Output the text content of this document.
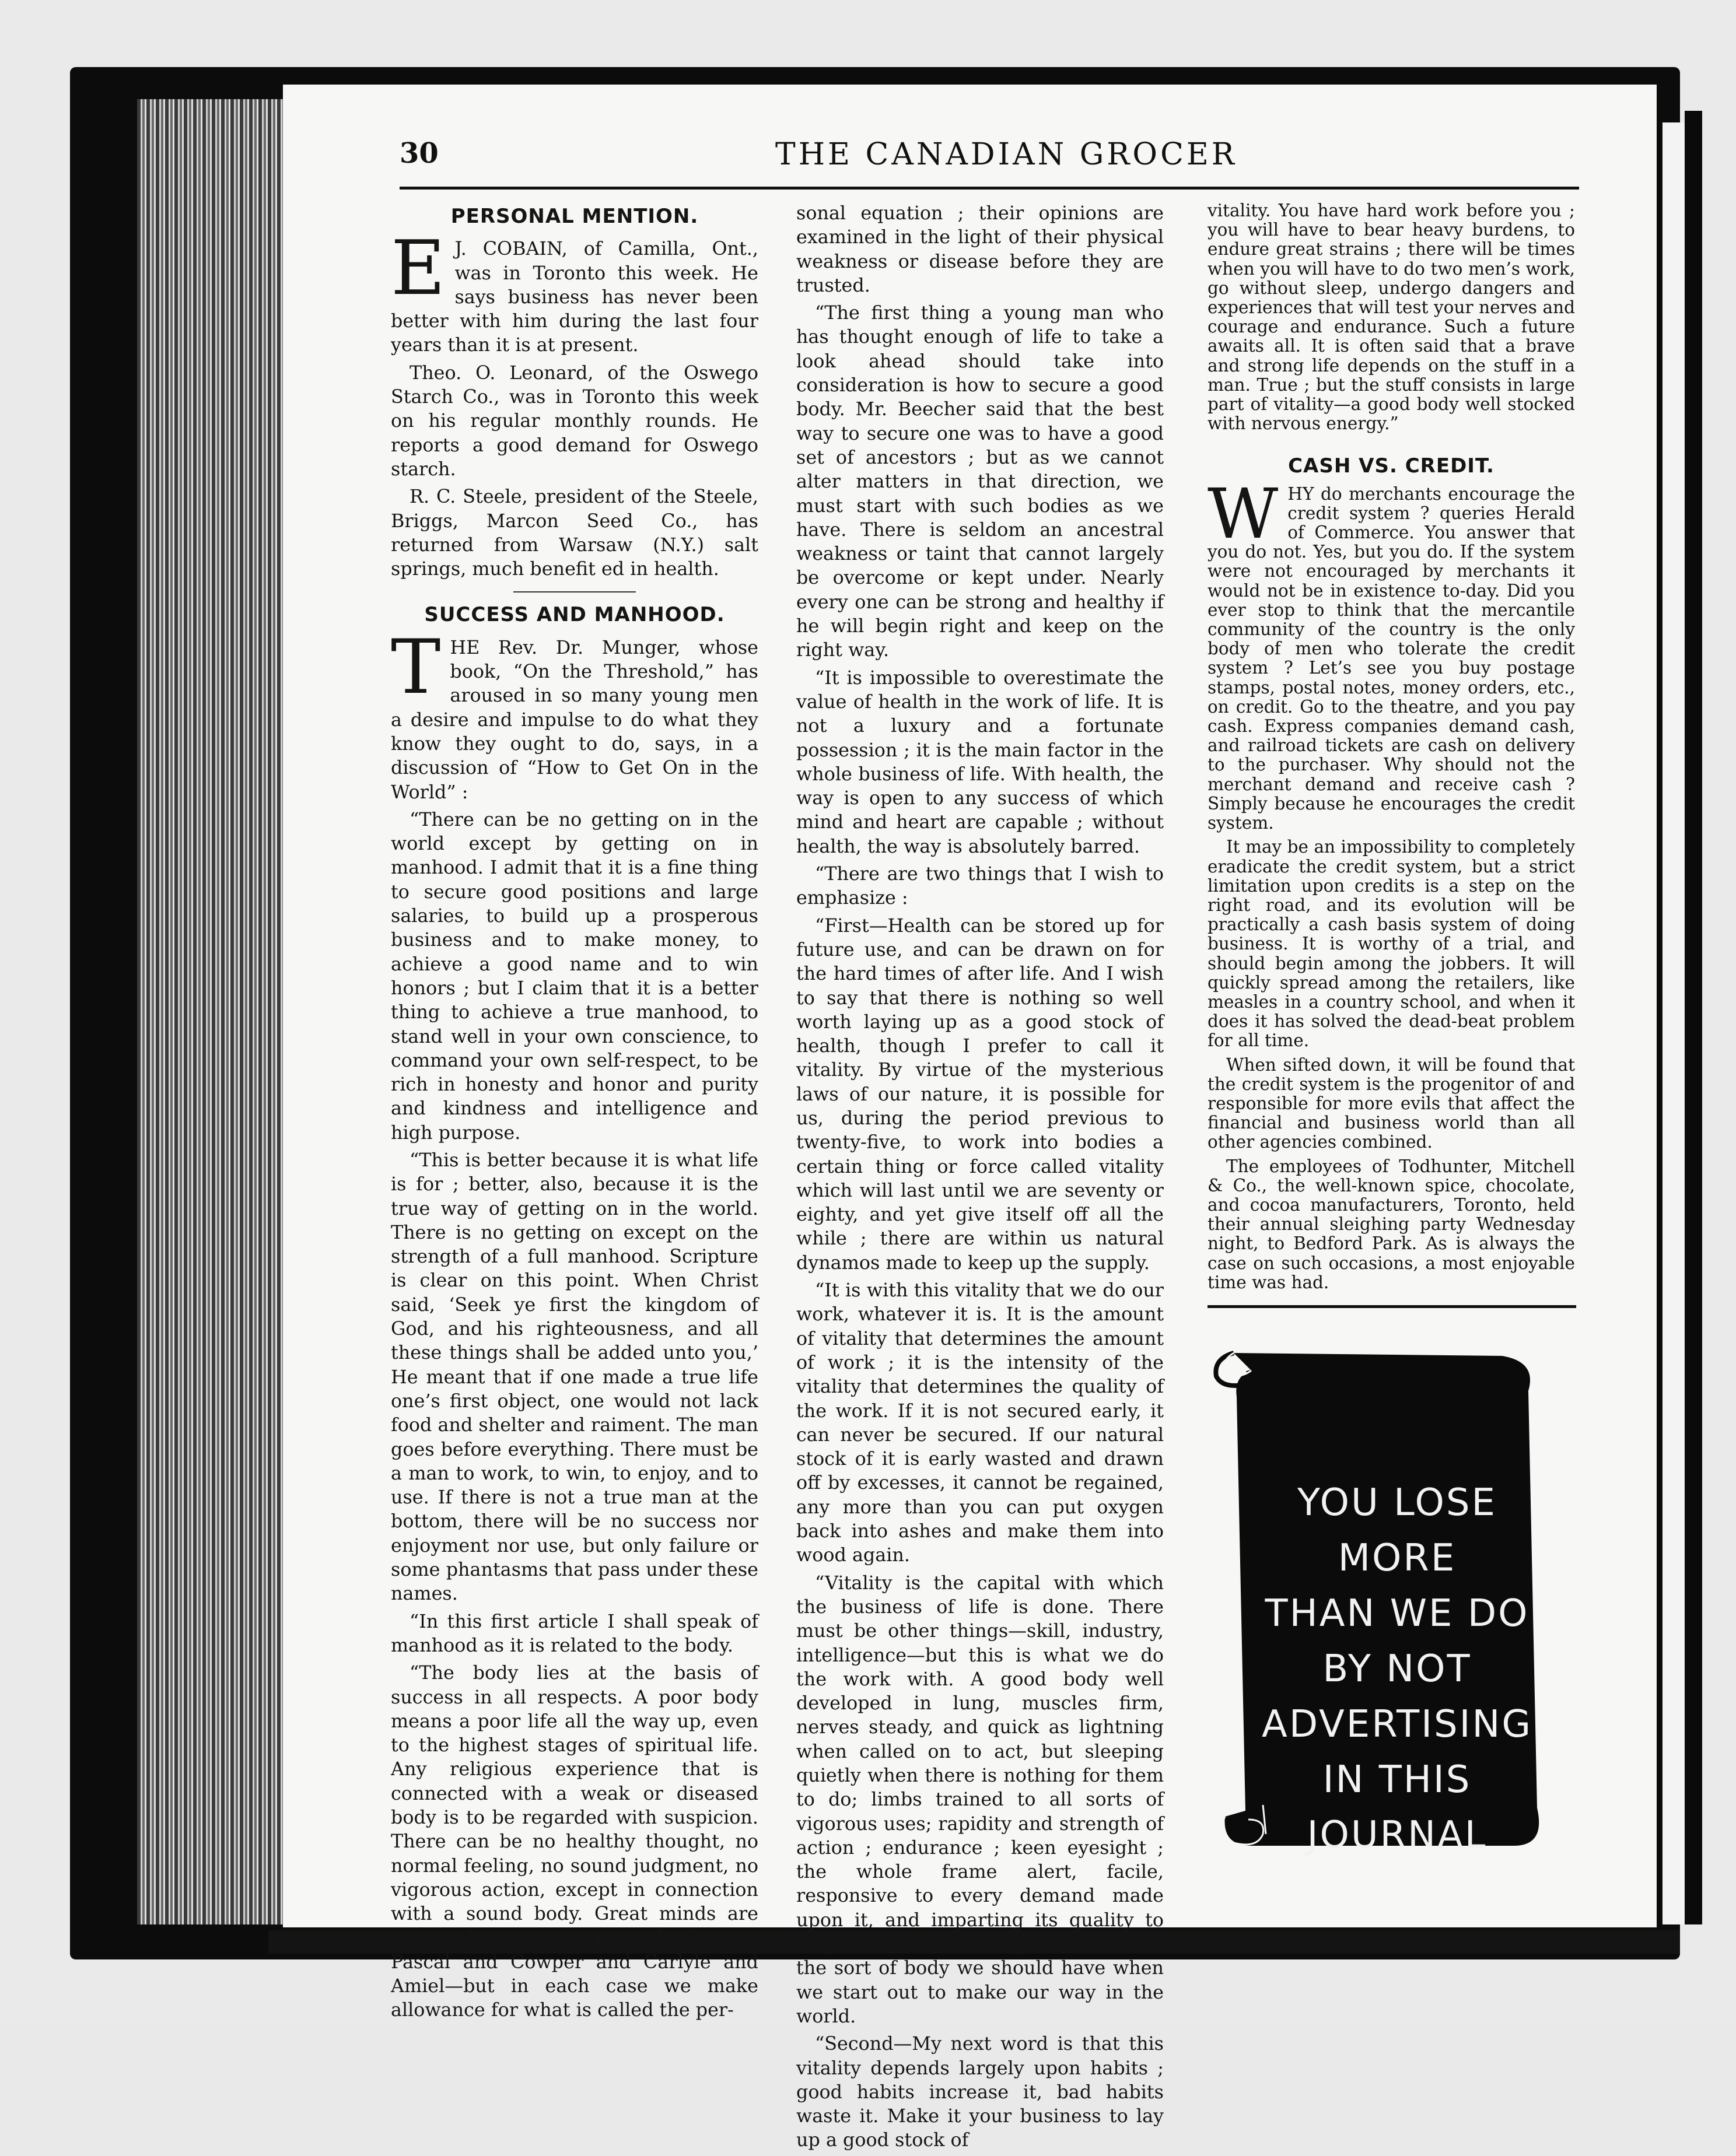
THE CANADIAN GROCER
30
PERSONAL MENTION.

E J. COBAIN, of Camilla, Ont., was in Toronto this week. He says business has never been better with him during the last four years than it is at present.

Theo. O. Leonard, of the Oswego Starch Co., was in Toronto this week on his regular monthly rounds. He reports a good demand for Oswego starch.

R. C. Steele, president of the Steele, Briggs, Marcon Seed Co., has returned from Warsaw (N.Y.) salt springs, much benefit ed in health.

SUCCESS AND MANHOOD.

THE Rev. Dr. Munger, whose book, “On the Threshold,” has aroused in so many young men a desire and impulse to do what they know they ought to do, says, in a discussion of “How to Get On in the World” :

“There can be no getting on in the world except by getting on in manhood. I admit that it is a fine thing to secure good positions and large salaries, to build up a prosperous business and to make money, to achieve a good name and to win honors ; but I claim that it is a better thing to achieve a true manhood, to stand well in your own conscience, to command your own self-respect, to be rich in honesty and honor and purity and kindness and intelligence and high purpose.

“This is better because it is what life is for ; better, also, because it is the true way of getting on in the world. There is no getting on except on the strength of a full manhood. Scripture is clear on this point. When Christ said, ‘Seek ye first the kingdom of God, and his righteousness, and all these things shall be added unto you,’ He meant that if one made a true life one’s first object, one would not lack food and shelter and raiment. The man goes before everything. There must be a man to work, to win, to enjoy, and to use. If there is not a true man at the bottom, there will be no success nor enjoyment nor use, but only failure or some phantasms that pass under these names.

“In this first article I shall speak of manhood as it is related to the body.

“The body lies at the basis of success in all respects. A poor body means a poor life all the way up, even to the highest stages of spiritual life. Any religious experience that is connected with a weak or diseased body is to be regarded with suspicion. There can be no healthy thought, no normal feeling, no sound judgment, no vigorous action, except in connection with a sound body. Great minds are often shut up in poor bodies—as Pascal and Cowper and Carlyle and Amiel—but in each case we make allowance for what is called the per-

sonal equation ; their opinions are examined in the light of their physical weakness or disease before they are trusted.

“The first thing a young man who has thought enough of life to take a look ahead should take into consideration is how to secure a good body. Mr. Beecher said that the best way to secure one was to have a good set of ancestors ; but as we cannot alter matters in that direction, we must start with such bodies as we have. There is seldom an ancestral weakness or taint that cannot largely be overcome or kept under. Nearly every one can be strong and healthy if he will begin right and keep on the right way.

“It is impossible to overestimate the value of health in the work of life. It is not a luxury and a fortunate possession ; it is the main factor in the whole business of life. With health, the way is open to any success of which mind and heart are capable ; without health, the way is absolutely barred.

“There are two things that I wish to emphasize :

“First—Health can be stored up for future use, and can be drawn on for the hard times of after life. And I wish to say that there is nothing so well worth laying up as a good stock of health, though I prefer to call it vitality. By virtue of the mysterious laws of our nature, it is possible for us, during the period previous to twenty-five, to work into bodies a certain thing or force called vitality which will last until we are seventy or eighty, and yet give itself off all the while ; there are within us natural dynamos made to keep up the supply.

“It is with this vitality that we do our work, whatever it is. It is the amount of vitality that determines the amount of work ; it is the intensity of the vitality that determines the quality of the work. If it is not secured early, it can never be secured. If our natural stock of it is early wasted and drawn off by excesses, it cannot be regained, any more than you can put oxygen back into ashes and make them into wood again.

“Vitality is the capital with which the business of life is done. There must be other things—skill, industry, intelligence—but this is what we do the work with. A good body well developed in lung, muscles firm, nerves steady, and quick as lightning when called on to act, but sleeping quietly when there is nothing for them to do; limbs trained to all sorts of vigorous uses; rapidity and strength of action ; endurance ; keen eyesight ; the whole frame alert, facile, responsive to every demand made upon it, and imparting its quality to step, voice, eye and gesture—this is the sort of body we should have when we start out to make our way in the world.

“Second—My next word is that this vitality depends largely upon habits ; good habits increase it, bad habits waste it. Make it your business to lay up a good stock of

vitality. You have hard work before you ; you will have to bear heavy burdens, to endure great strains ; there will be times when you will have to do two men’s work, go without sleep, undergo dangers and experiences that will test your nerves and courage and endurance. Such a future awaits all. It is often said that a brave and strong life depends on the stuff in a man. True ; but the stuff consists in large part of vitality—a good body well stocked with nervous energy.”

CASH VS. CREDIT.

WHY do merchants encourage the credit system ? queries Herald of Commerce. You answer that you do not. Yes, but you do. If the system were not encouraged by merchants it would not be in existence to-day. Did you ever stop to think that the mercantile community of the country is the only body of men who tolerate the credit system ? Let’s see you buy postage stamps, postal notes, money orders, etc., on credit. Go to the theatre, and you pay cash. Express companies demand cash, and railroad tickets are cash on delivery to the purchaser. Why should not the merchant demand and receive cash ? Simply because he encourages the credit system.

It may be an impossibility to completely eradicate the credit system, but a strict limitation upon credits is a step on the right road, and its evolution will be practically a cash basis system of doing business. It is worthy of a trial, and should begin among the jobbers. It will quickly spread among the retailers, like measles in a country school, and when it does it has solved the dead-beat problem for all time.

When sifted down, it will be found that the credit system is the progenitor of and responsible for more evils that affect the financial and business world than all other agencies combined.

The employees of Todhunter, Mitchell & Co., the well-known spice, chocolate, and cocoa manufacturers, Toronto, held their annual sleighing party Wednesday night, to Bedford Park. As is always the case on such occasions, a most enjoyable time was had.

YOU LOSE
MORE
THAN WE DO
BY NOT
ADVERTISING
IN THIS
JOURNAL
